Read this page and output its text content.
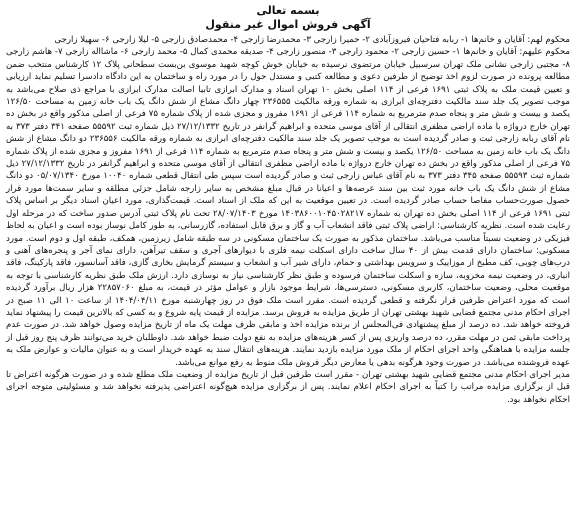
بسمه تعالی
آگهی فروش اموال غیر منقول

محکوم لهم: آقایان و خانم‌ها ۱- ربابه فتاحیان فیروزآبادی ۲- حمیرا زارجی ۳- محمدرضا زارجی ۴- محمدصادق زارجی ۵- لیلا زارجی ۶- سهیلا زارجی

محکوم علیهم: آقایان و خانم‌ها ۱- حسین زارجی ۲- محمود زارجی ۳- منصور زارجی ۴- صدیقه محمدی کمال ۵- محمد زارجی ۶- ماشااله زارجی ۷- هاشم زارجی ۸- مجتبی زارجی نشانی ملک تهران سرسبیل خیابان مرتضوی نرسیده به خیابان خوش کوچه شهید موسوی بن‌بست سطحانی پلاک ۱۲ کارشناس منتخب ضمن مطالعه پرونده در صورت لزوم اخذ توضیح از طرفین دعوی و مطالعه کتبی و مستدل حول را در مورد راه و ساختمان به این دادگاه دادسرا تسلیم نماید ارزیابی و تعیین قیمت ملک به پلاک ثبتی ۱۶۹۱ فرعی از ۱۱۴ اصلی بخش ۱۰ تهران اسناد و مدارک ابرازی تابیا اصالت مدارک ابرازی با مراجع ذی صلاح می‌باشد به موجب تصویر یک جلد سند مالکیت دفترچه‌ای ابرازی به شماره ورقه مالکیت ۲۳۶۵۵۵ چهار دانگ مشاع از شش دانگ یک باب خانه زمین به مساحت ۱۲۶/۵۰ یکصد و بیست و شش متر و پنجاه صدم مترمربع به شماره ۱۱۴ فرعی از ۱۶۹۱ مفروز و مجزی شده از پلاک شماره ۷۵ فرعی از اصلی مذکور واقع در بخش ده تهران خارج درواژه با ماده اراضی مظفری انتقالی از آقای موسی متحده و ابراهیم گرانفر در تاریخ ۲۷/۱۲/۱۳۳۲ ذیل شماره ثبت ۵۵۵۹۲ صفحه ۳۴۱ دفتر ۳۷۳ به نام آقای ربابه زارجی ثبت و صادر گردیده است به موجب تصویر یک جلد سند مالکیت دفترچه‌ای ابرازی به شماره ورقه مالکیت ۲۳۶۵۵۶ دو دانگ مشاع از شش دانگ یک باب خانه زمین به مساحت ۱۲۶/۵۰ یکصد و بیست و شش متر و پنجاه صدم مترمربع به شماره ۱۱۴ فرعی از ۱۶۹۱ مفروز و مجزی شده از پلاک شماره ۷۵ فرعی از اصلی مذکور واقع در بخش ده تهران خارج درواژه با ماده اراضی مظفری انتقالی از آقای موسی متحده و ابراهیم گرانفر در تاریخ ۲۷/۱۲/۱۳۳۲ ذیل شماره ثبت ۵۵۵۹۳ صفحه ۳۴۵ دفتر ۳۷۳ به نام آقای عباس زارجی ثبت و صادر گردیده است سپس طی انتقال قطعی شماره ۱۰۰۴۰ مورخ ۰۵/۰۷/۱۳۴۰ دو دانگ مشاع از شش دانگ یک باب خانه مورد ثبت بین سند عرصه‌ها و اعیانا در قبال مبلغ مشخص به سایر زارجه شامل جزئی مطلقه و سایر سمت‌ها مورد قرار حصول صورت‌حساب مفاصا حساب صادر گردیده است. در تعیین موقعیت به این که ملک از اسناد است. قیمت‌گذاری، مورد اعیان اسناد دیگر بر اساس پلاک ثبتی ۱۶۹۱ فرعی از ۱۱۴ اصلی بخش ده تهران به شماره ۱۴۰۳۸۶۰۰۱۰۴۵۰۲۸۲۱۷ مورخ ۲۸/۰۷/۱۴۰۳ تحت نام پلاک ثبتی آدرس صدور ساخت که در مرحله اول رعایت شده است. نظریه کارشناسی: اراضی پلاک ثبتی فاقد انشعاب آب و گاز و برق قابل استفاده، گازرسانی، به طور کامل نوساز بوده است و اعیان به لحاظ فیزیکی در وضعیت نسبتاً مناسب می‌باشد. ساختمان مذکور به صورت یک ساختمان مسکونی در سه طبقه شامل زیرزمین، همکف، طبقه اول و دوم است. مورد مسکونی: ساختمان دارای قدمت بیش از ۴۰ سال ساخت دارای اسکلت نیمه فلزی با دیوارهای آجری و سقف تیرآهن، دارای نمای آجر و پنجره‌های آهنی و درب‌های چوبی، کف مطبخ از موزاییک و سرویس بهداشتی و حمام، دارای شیر آب و انشعاب و سیستم گرمایش بخاری گازی، فاقد آسانسور، فاقد پارکینگ، فاقد انباری، در وضعیت نیمه مخروبه، سازه و اسکلت ساختمان فرسوده و طبق نظر کارشناسی نیاز به نوسازی دارد. ارزش ملک طبق نظریه کارشناسی با توجه به موقعیت محلی، وضعیت ساختمان، کاربری مسکونی، دسترسی‌ها، شرایط موجود بازار و عوامل مؤثر در قیمت، به مبلغ ۲۲۸۵۷۰۶۰ هزار ریال برآورد گردیده است که مورد اعتراض طرفین قرار نگرفته و قطعی گردیده است. مقرر است ملک فوق در روز چهارشنبه مورخ ۱۴۰۴/۰۴/۱۱ از ساعت ۱۰ الی ۱۱ صبح در اجرای احکام مدنی مجتمع قضایی شهید بهشتی تهران از طریق مزایده به فروش برسد. مزایده از قیمت پایه شروع و به کسی که بالاترین قیمت را پیشنهاد نماید فروخته خواهد شد. ده درصد از مبلغ پیشنهادی فی‌المجلس از برنده مزایده اخذ و مابقی ظرف مهلت یک ماه از تاریخ مزایده وصول خواهد شد. در صورت عدم پرداخت مابقی ثمن در مهلت مقرر، ده درصد واریزی پس از کسر هزینه‌های مزایده به نفع دولت ضبط خواهد شد. داوطلبان خرید می‌توانند ظرف پنج روز قبل از جلسه مزایده با هماهنگی واحد اجرای احکام از ملک مورد مزایده بازدید نمایند. هزینه‌های انتقال سند به عهده خریدار است و به عنوان مالیات و عوارض ملک به عهده فروشنده می‌باشد. در صورت وجود هرگونه بدهی یا معارض دیگر فروش ملک منوط به رفع موانع می‌باشد.

مدیر اجرای احکام مدنی مجتمع قضایی شهید بهشتی تهران - مقرر است طرفین قبل از تاریخ مزایده از وضعیت ملک مطلع شده و در صورت هرگونه اعتراض تا قبل از برگزاری مزایده مراتب را کتباً به اجرای احکام اعلام نمایند. پس از برگزاری مزایده هیچ‌گونه اعتراضی پذیرفته نخواهد شد و مسئولیتی متوجه اجرای احکام نخواهد بود.
